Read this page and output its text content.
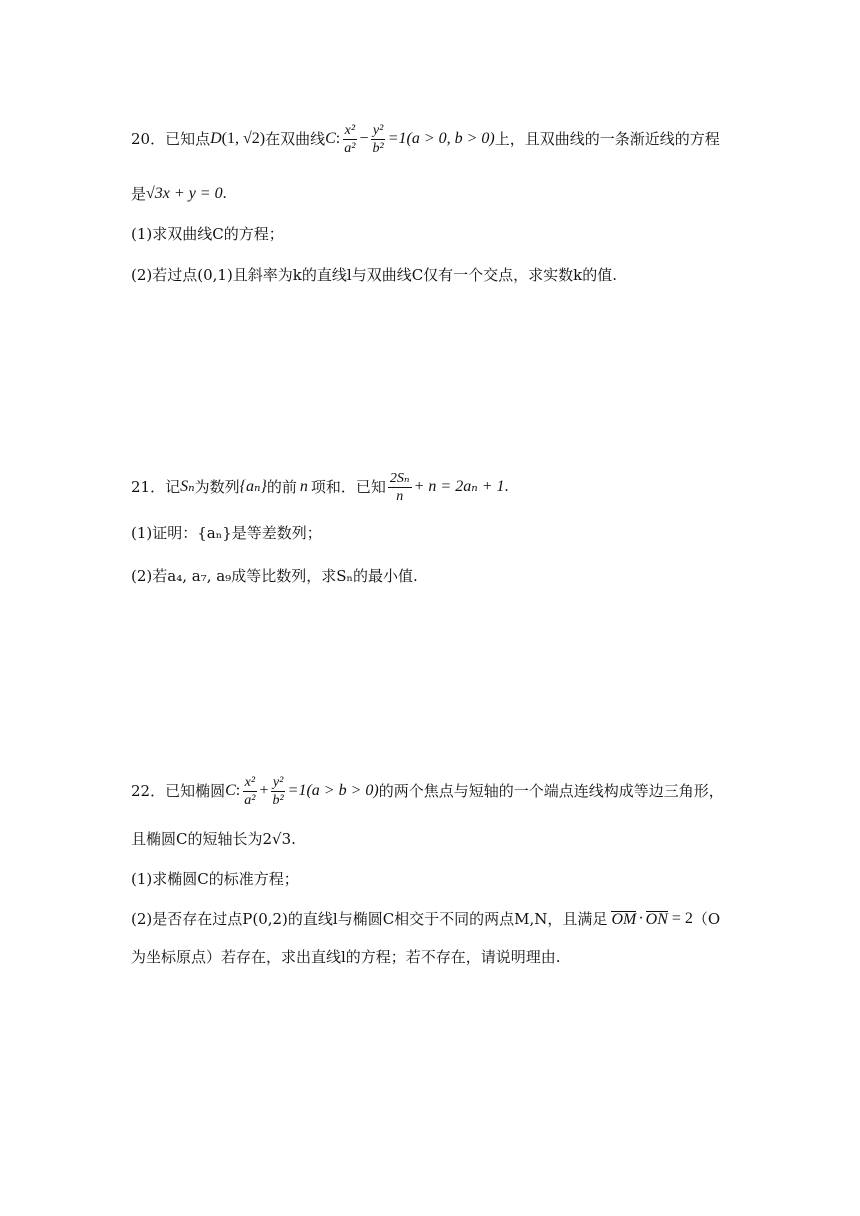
20． 已知点 D (1, √2) 在双曲线 C : $\frac{\text{x²}}{\text{a²}} - \frac{\text{y²}}{\text{b²}} =1(a > 0$, b > 0) 上，且双曲线的一条渐近线的方程
是 √3x + y = 0 .
(1)求双曲线C的方程；
(2)若过点(0,1)且斜率为k的直线l与双曲线C仅有一个交点，求实数k的值.
21． 记 Sₙ 为数列 {aₙ} 的前 n 项和．已知 $\frac{\text{2Sₙ}}{n} + n = 2a_n + 1$ .
(1)证明：{aₙ}是等差数列；
(2)若a₄, a₇, a₉成等比数列，求Sₙ的最小值.
22． 已知椭圆 C : $\frac{\text{x²}}{\text{a²}} + \frac{\text{y²}}{\text{b²}} =1(a > b > 0)$ 的两个焦点与短轴的一个端点连线构成等边三角形，
且椭圆C的短轴长为2√3.
(1)求椭圆C的标准方程；
(2)是否存在过点P(0,2)的直线l与椭圆C相交于不同的两点M,N，且满足 OM · ON = 2 （O
为坐标原点）若存在，求出直线l的方程；若不存在，请说明理由.
